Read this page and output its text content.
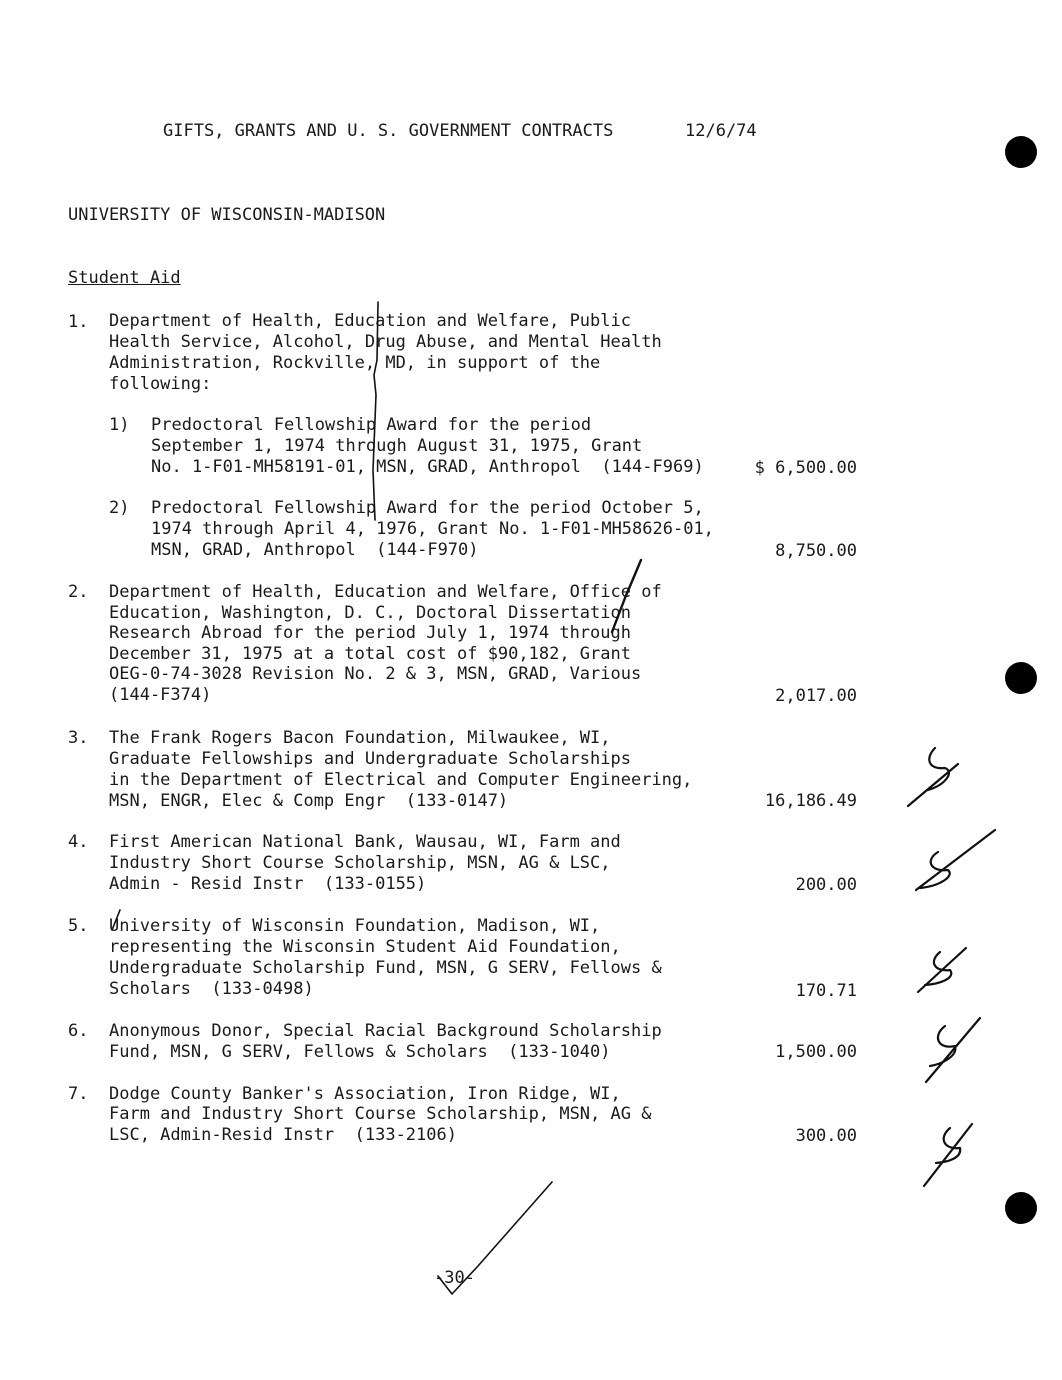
GIFTS, GRANTS AND U. S. GOVERNMENT CONTRACTS	12/6/74
UNIVERSITY OF WISCONSIN-MADISON
Student Aid
1. Department of Health, Education and Welfare, Public
Health Service, Alcohol, Drug Abuse, and Mental Health
Administration, Rockville, MD, in support of the
following:
1) Predoctoral Fellowship Award for the period
September 1, 1974 through August 31, 1975, Grant
No. 1-F01-MH58191-01, MSN, GRAD, Anthropol  (144-F969)	$ 6,500.00
2) Predoctoral Fellowship Award for the period October 5,
1974 through April 4, 1976, Grant No. 1-F01-MH58626-01,
MSN, GRAD, Anthropol  (144-F970)	8,750.00
2. Department of Health, Education and Welfare, Office of
Education, Washington, D. C., Doctoral Dissertation
Research Abroad for the period July 1, 1974 through
December 31, 1975 at a total cost of $90,182, Grant
OEG-0-74-3028 Revision No. 2 & 3, MSN, GRAD, Various
(144-F374)	2,017.00
3. The Frank Rogers Bacon Foundation, Milwaukee, WI,
Graduate Fellowships and Undergraduate Scholarships
in the Department of Electrical and Computer Engineering,
MSN, ENGR, Elec & Comp Engr  (133-0147)	16,186.49
4. First American National Bank, Wausau, WI, Farm and
Industry Short Course Scholarship, MSN, AG & LSC,
Admin - Resid Instr  (133-0155)	200.00
5. University of Wisconsin Foundation, Madison, WI,
representing the Wisconsin Student Aid Foundation,
Undergraduate Scholarship Fund, MSN, G SERV, Fellows &
Scholars  (133-0498)	170.71
6. Anonymous Donor, Special Racial Background Scholarship
Fund, MSN, G SERV, Fellows & Scholars  (133-1040)	1,500.00
7. Dodge County Banker's Association, Iron Ridge, WI,
Farm and Industry Short Course Scholarship, MSN, AG &
LSC, Admin-Resid Instr  (133-2106)	300.00
-30-
